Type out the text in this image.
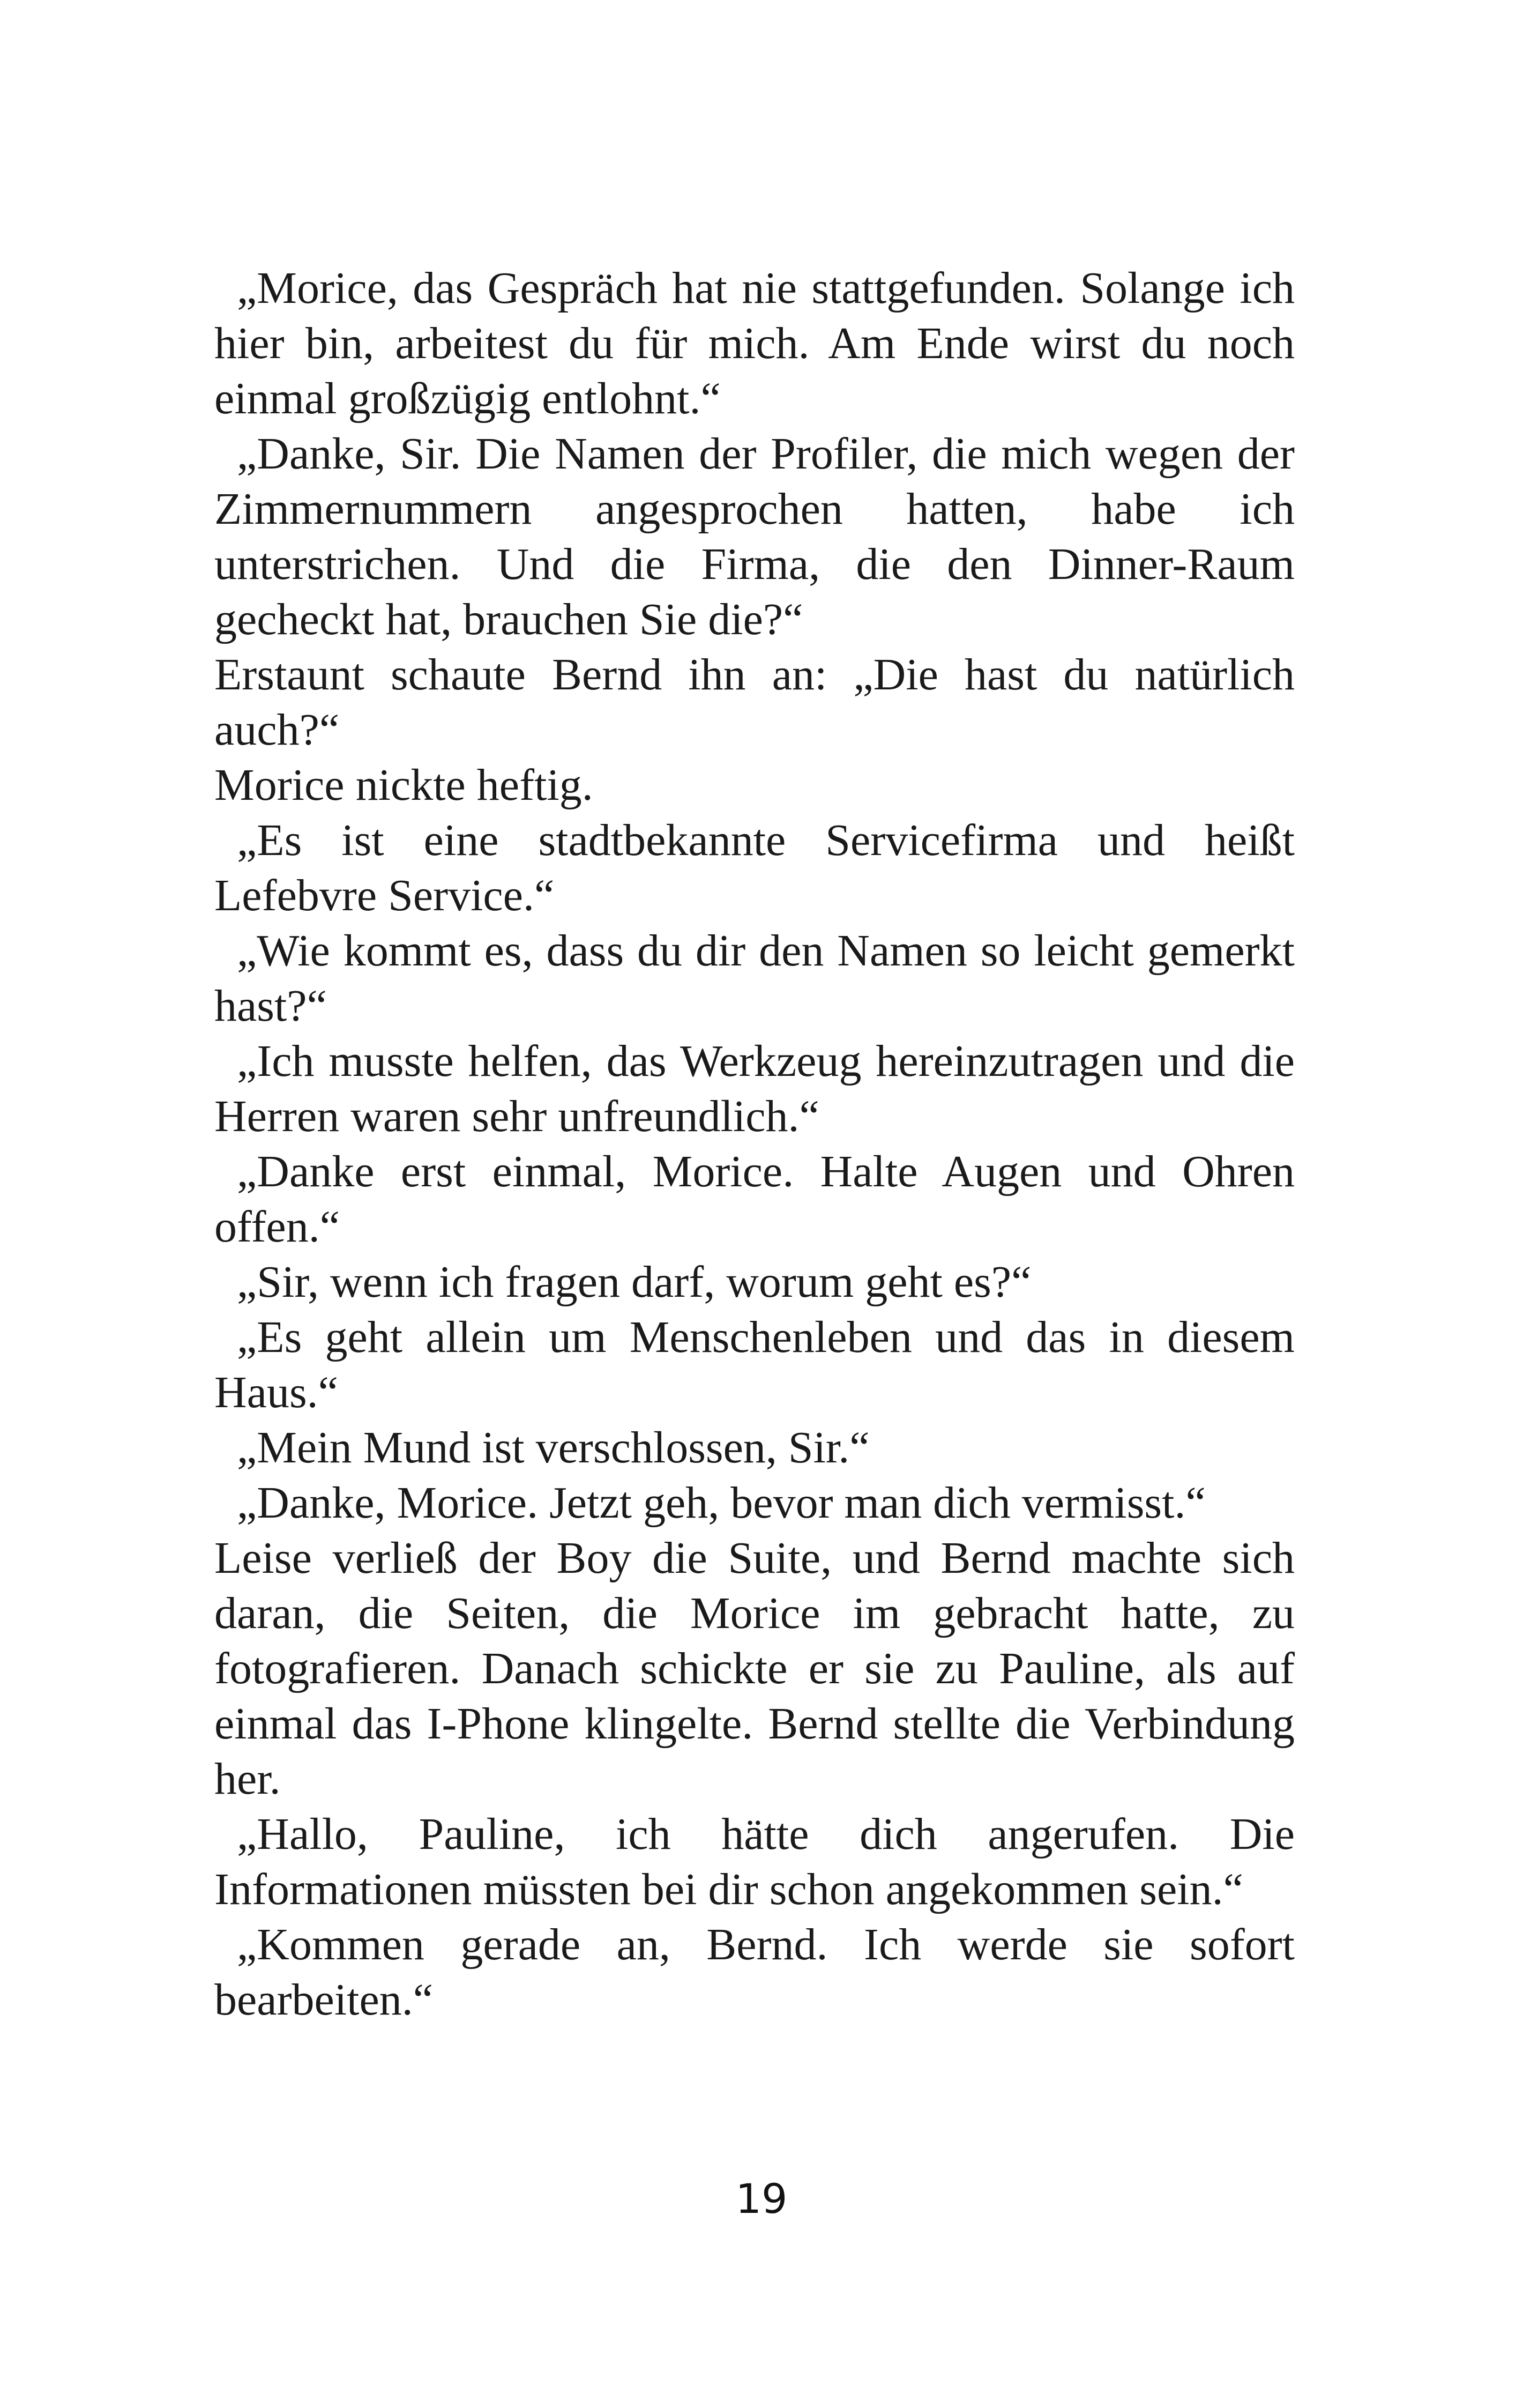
„Morice, das Gespräch hat nie stattgefunden. Solange ich hier bin, arbeitest du für mich. Am Ende wirst du noch einmal großzügig entlohnt.“

„Danke, Sir. Die Namen der Profiler, die mich wegen der Zimmernummern angesprochen hatten, habe ich unterstrichen. Und die Firma, die den Dinner-Raum gecheckt hat, brauchen Sie die?“

Erstaunt schaute Bernd ihn an: „Die hast du natürlich auch?“

Morice nickte heftig.

„Es ist eine stadtbekannte Servicefirma und heißt Lefebvre Service.“

„Wie kommt es, dass du dir den Namen so leicht gemerkt hast?“

„Ich musste helfen, das Werkzeug hereinzutragen und die Herren waren sehr unfreundlich.“

„Danke erst einmal, Morice. Halte Augen und Ohren offen.“

„Sir, wenn ich fragen darf, worum geht es?“

„Es geht allein um Menschenleben und das in diesem Haus.“

„Mein Mund ist verschlossen, Sir.“

„Danke, Morice. Jetzt geh, bevor man dich vermisst.“

Leise verließ der Boy die Suite, und Bernd machte sich daran, die Seiten, die Morice im gebracht hatte, zu fotografieren. Danach schickte er sie zu Pauline, als auf einmal das I-Phone klingelte. Bernd stellte die Verbindung her.

„Hallo, Pauline, ich hätte dich angerufen. Die Informationen müssten bei dir schon angekommen sein.“

„Kommen gerade an, Bernd. Ich werde sie sofort bearbeiten.“

19
